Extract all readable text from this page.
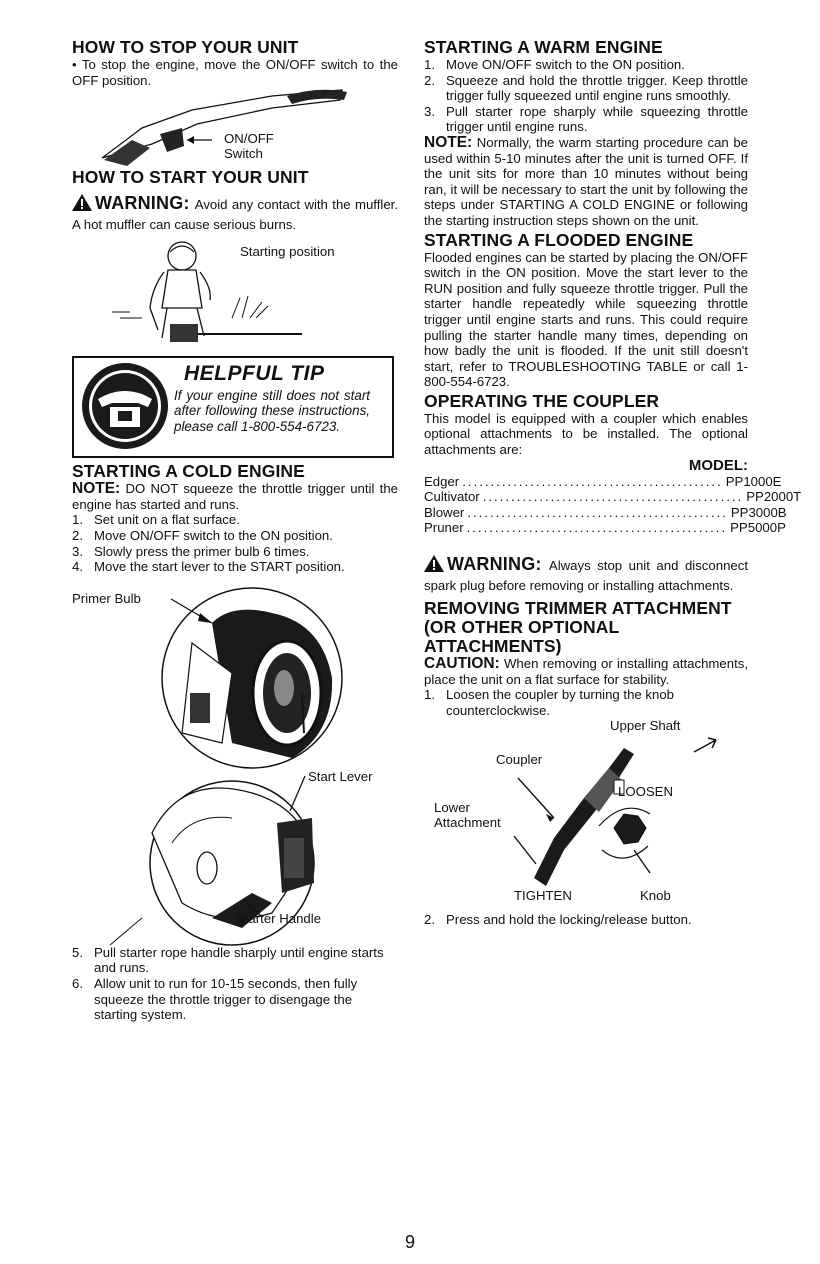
HOW TO STOP YOUR UNIT

• To stop the engine, move the ON/OFF switch to the OFF position.

ON/OFF
Switch
HOW TO START YOUR UNIT
WARNING: Avoid any contact with the muffler. A hot muffler can cause serious burns.
Starting position
HELPFUL TIP
If your engine still does not start after following these instructions, please call 1-800-554-6723.
STARTING A COLD ENGINE

NOTE: DO NOT squeeze the throttle trigger until the engine has started and runs.

1. Set unit on a flat surface.
2. Move ON/OFF switch to the ON position.
3. Slowly press the primer bulb 6 times.
4. Move the start lever to the START position.
Primer Bulb
Start Lever
Starter Handle
5. Pull starter rope handle sharply until engine starts and runs.
6. Allow unit to run for 10-15 seconds, then fully squeeze the throttle trigger to disengage the starting system.
STARTING A WARM ENGINE
1. Move ON/OFF switch to the ON position.
2. Squeeze and hold the throttle trigger. Keep throttle trigger fully squeezed until engine runs smoothly.
3. Pull starter rope sharply while squeezing throttle trigger until engine runs.

NOTE: Normally, the warm starting procedure can be used within 5-10 minutes after the unit is turned OFF. If the unit sits for more than 10 minutes without being ran, it will be necessary to start the unit by following the steps under STARTING A COLD ENGINE or following the starting instruction steps shown on the unit.

STARTING A FLOODED ENGINE

Flooded engines can be started by placing the ON/OFF switch in the ON position. Move the start lever to the RUN position and fully squeeze throttle trigger. Pull the starter handle repeatedly while squeezing throttle trigger until engine starts and runs. This could require pulling the starter handle many times, depending on how badly the unit is flooded. If the unit still doesn't start, refer to TROUBLESHOOTING TABLE or call 1-800-554-6723.

OPERATING THE COUPLER

This model is equipped with a coupler which enables optional attachments to be installed. The optional attachments are:

MODEL:
Edger .............................................. PP1000E
Cultivator .............................................. PP2000T
Blower .............................................. PP3000B
Pruner .............................................. PP5000P
WARNING: Always stop unit and disconnect spark plug before removing or installing attachments.
REMOVING TRIMMER ATTACHMENT (OR OTHER OPTIONAL ATTACHMENTS)

CAUTION: When removing or installing attachments, place the unit on a flat surface for stability.

1. Loosen the coupler by turning the knob counterclockwise.
Upper Shaft
Coupler
LOOSEN
Lower
Attachment
TIGHTEN	Knob
2. Press and hold the locking/release button.
9
